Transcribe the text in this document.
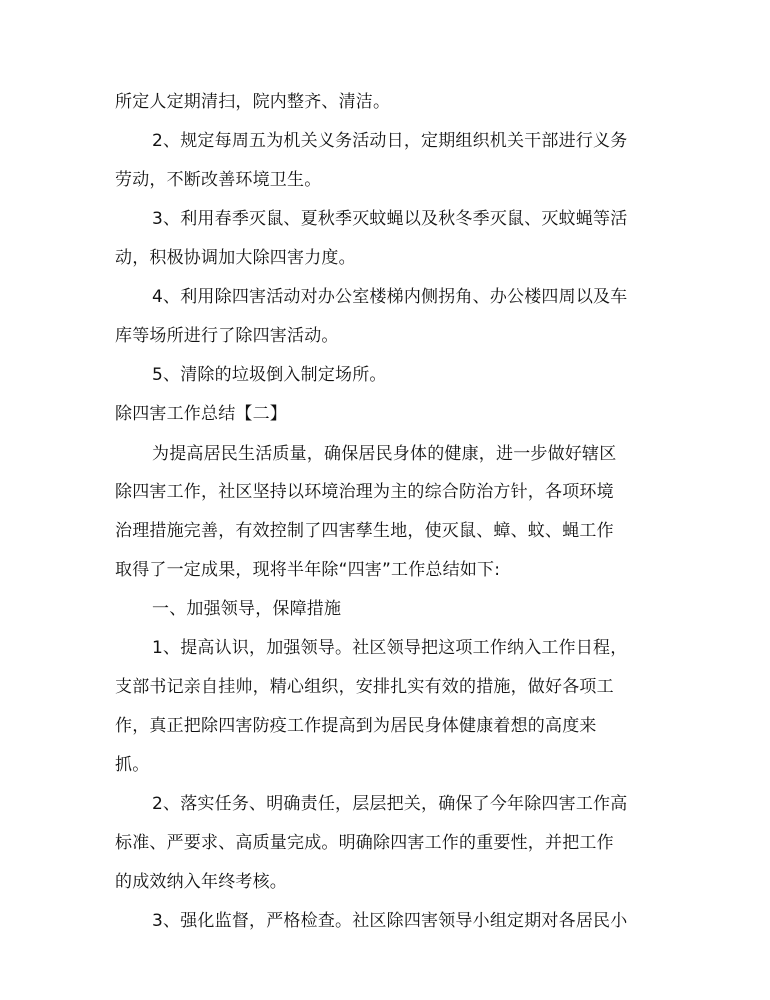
所定人定期清扫，院内整齐、清洁。
2、规定每周五为机关义务活动日，定期组织机关干部进行义务
劳动，不断改善环境卫生。
3、利用春季灭鼠、夏秋季灭蚊蝇以及秋冬季灭鼠、灭蚊蝇等活
动，积极协调加大除四害力度。
4、利用除四害活动对办公室楼梯内侧拐角、办公楼四周以及车
库等场所进行了除四害活动。
5、清除的垃圾倒入制定场所。
除四害工作总结【二】
为提高居民生活质量，确保居民身体的健康，进一步做好辖区
除四害工作，社区坚持以环境治理为主的综合防治方针，各项环境
治理措施完善，有效控制了四害孳生地，使灭鼠、蟑、蚊、蝇工作
取得了一定成果，现将半年除“四害”工作总结如下:
一、加强领导，保障措施
1、提高认识，加强领导。社区领导把这项工作纳入工作日程，
支部书记亲自挂帅，精心组织，安排扎实有效的措施，做好各项工
作，真正把除四害防疫工作提高到为居民身体健康着想的高度来
抓。
2、落实任务、明确责任，层层把关，确保了今年除四害工作高
标准、严要求、高质量完成。明确除四害工作的重要性，并把工作
的成效纳入年终考核。
3、强化监督，严格检查。社区除四害领导小组定期对各居民小
